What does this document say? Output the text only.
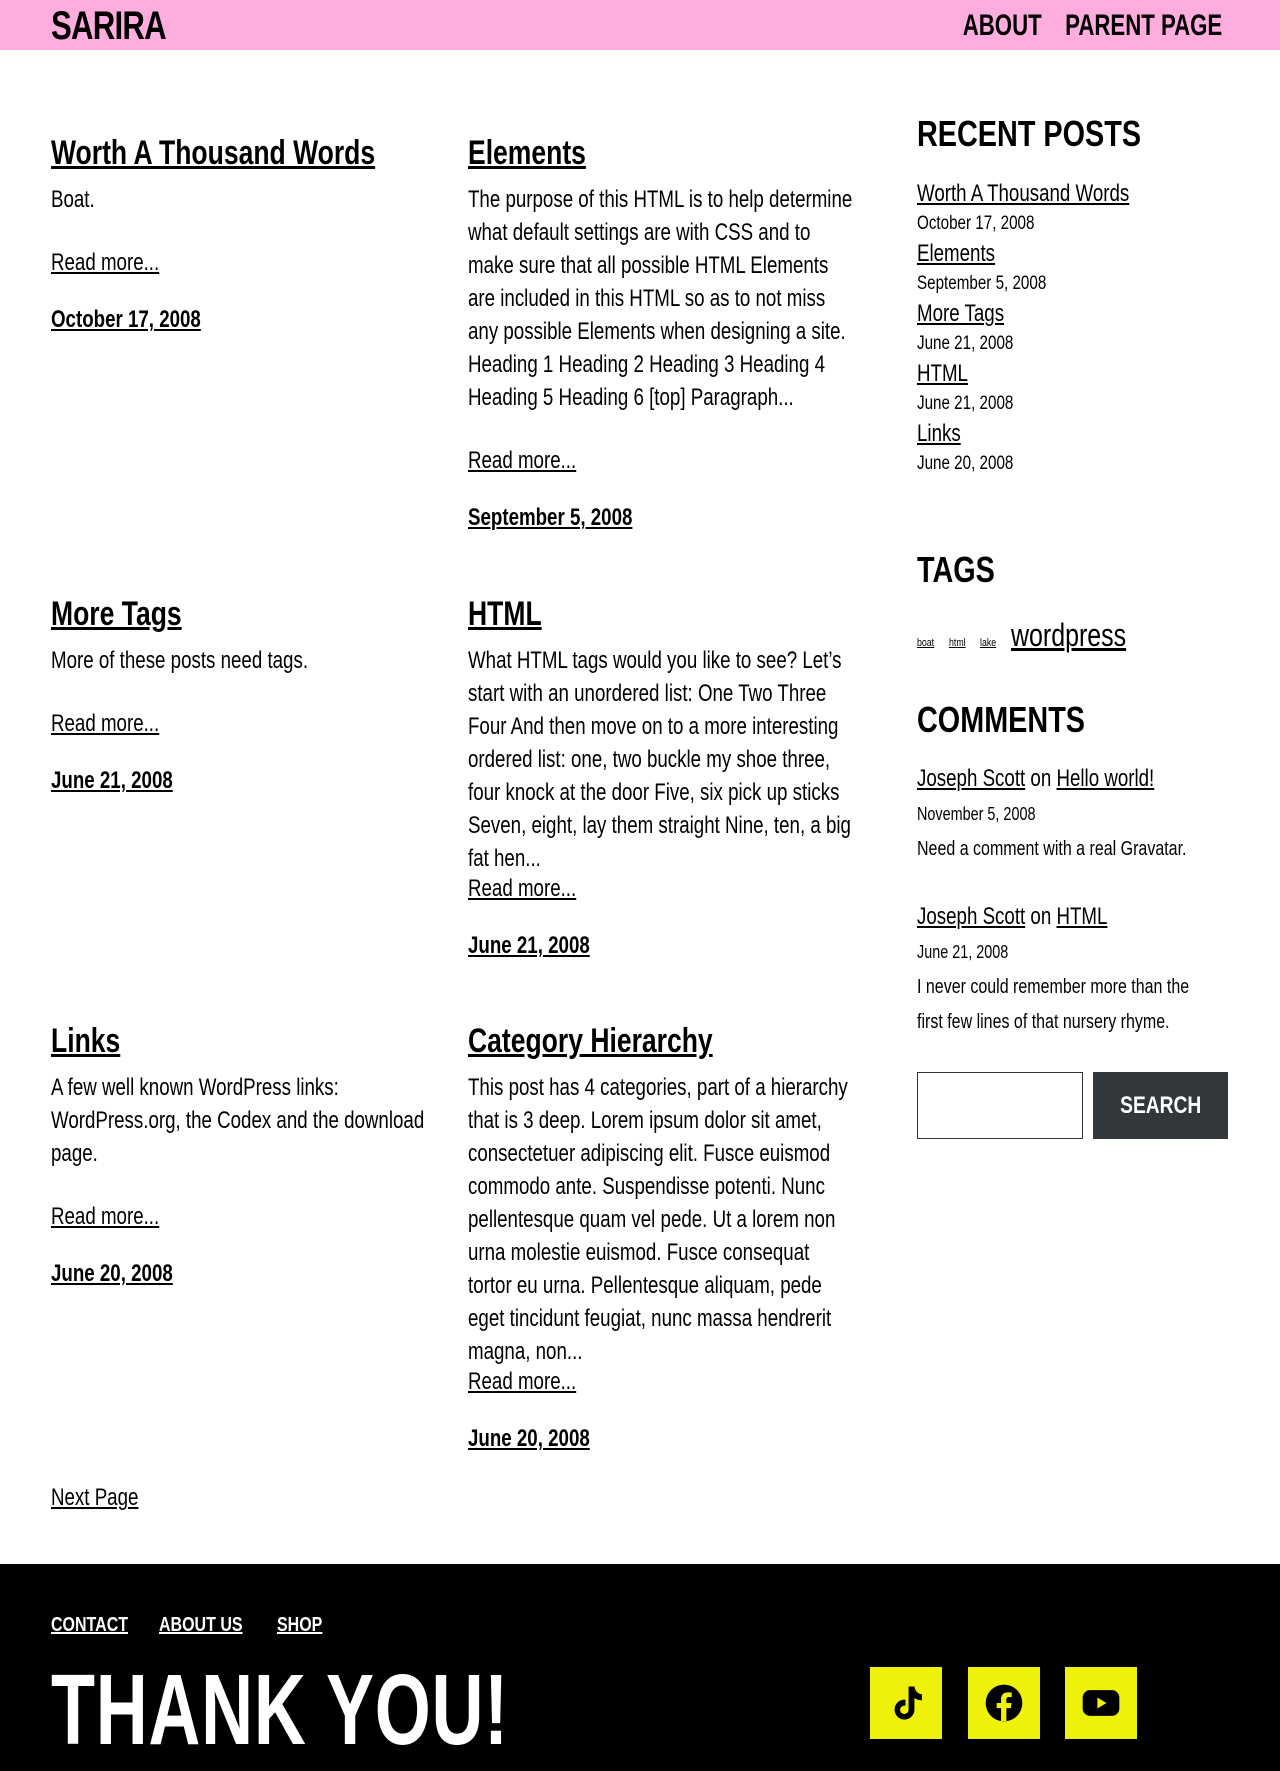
SARIRA	ABOUT PARENT PAGE
Worth A Thousand Words
Boat.
Read more...
October 17, 2008
Elements
The purpose of this HTML is to help determine what default settings are with CSS and to make sure that all possible HTML Elements are included in this HTML so as to not miss any possible Elements when designing a site. Heading 1 Heading 2 Heading 3 Heading 4 Heading 5 Heading 6 [top] Paragraph...
Read more...
September 5, 2008
More Tags
More of these posts need tags.
Read more...
June 21, 2008
HTML
What HTML tags would you like to see? Let’s start with an unordered list: One Two Three Four And then move on to a more interesting ordered list: one, two buckle my shoe three, four knock at the door Five, six pick up sticks Seven, eight, lay them straight Nine, ten, a big fat hen...
Read more...
June 21, 2008
Links
A few well known WordPress links: WordPress.org, the Codex and the download page.
Read more...
June 20, 2008
Category Hierarchy
This post has 4 categories, part of a hierarchy that is 3 deep. Lorem ipsum dolor sit amet, consectetuer adipiscing elit. Fusce euismod commodo ante. Suspendisse potenti. Nunc pellentesque quam vel pede. Ut a lorem non urna molestie euismod. Fusce consequat tortor eu urna. Pellentesque aliquam, pede eget tincidunt feugiat, nunc massa hendrerit magna, non...
Read more...
June 20, 2008
Next Page
RECENT POSTS
Worth A Thousand Words
October 17, 2008
Elements
September 5, 2008
More Tags
June 21, 2008
HTML
June 21, 2008
Links
June 20, 2008
TAGS
boat html lake wordpress
COMMENTS
Joseph Scott on Hello world!
November 5, 2008
Need a comment with a real Gravatar.
Joseph Scott on HTML
June 21, 2008
I never could remember more than the first few lines of that nursery rhyme.
SEARCH
CONTACT ABOUT US SHOP
THANK YOU!
